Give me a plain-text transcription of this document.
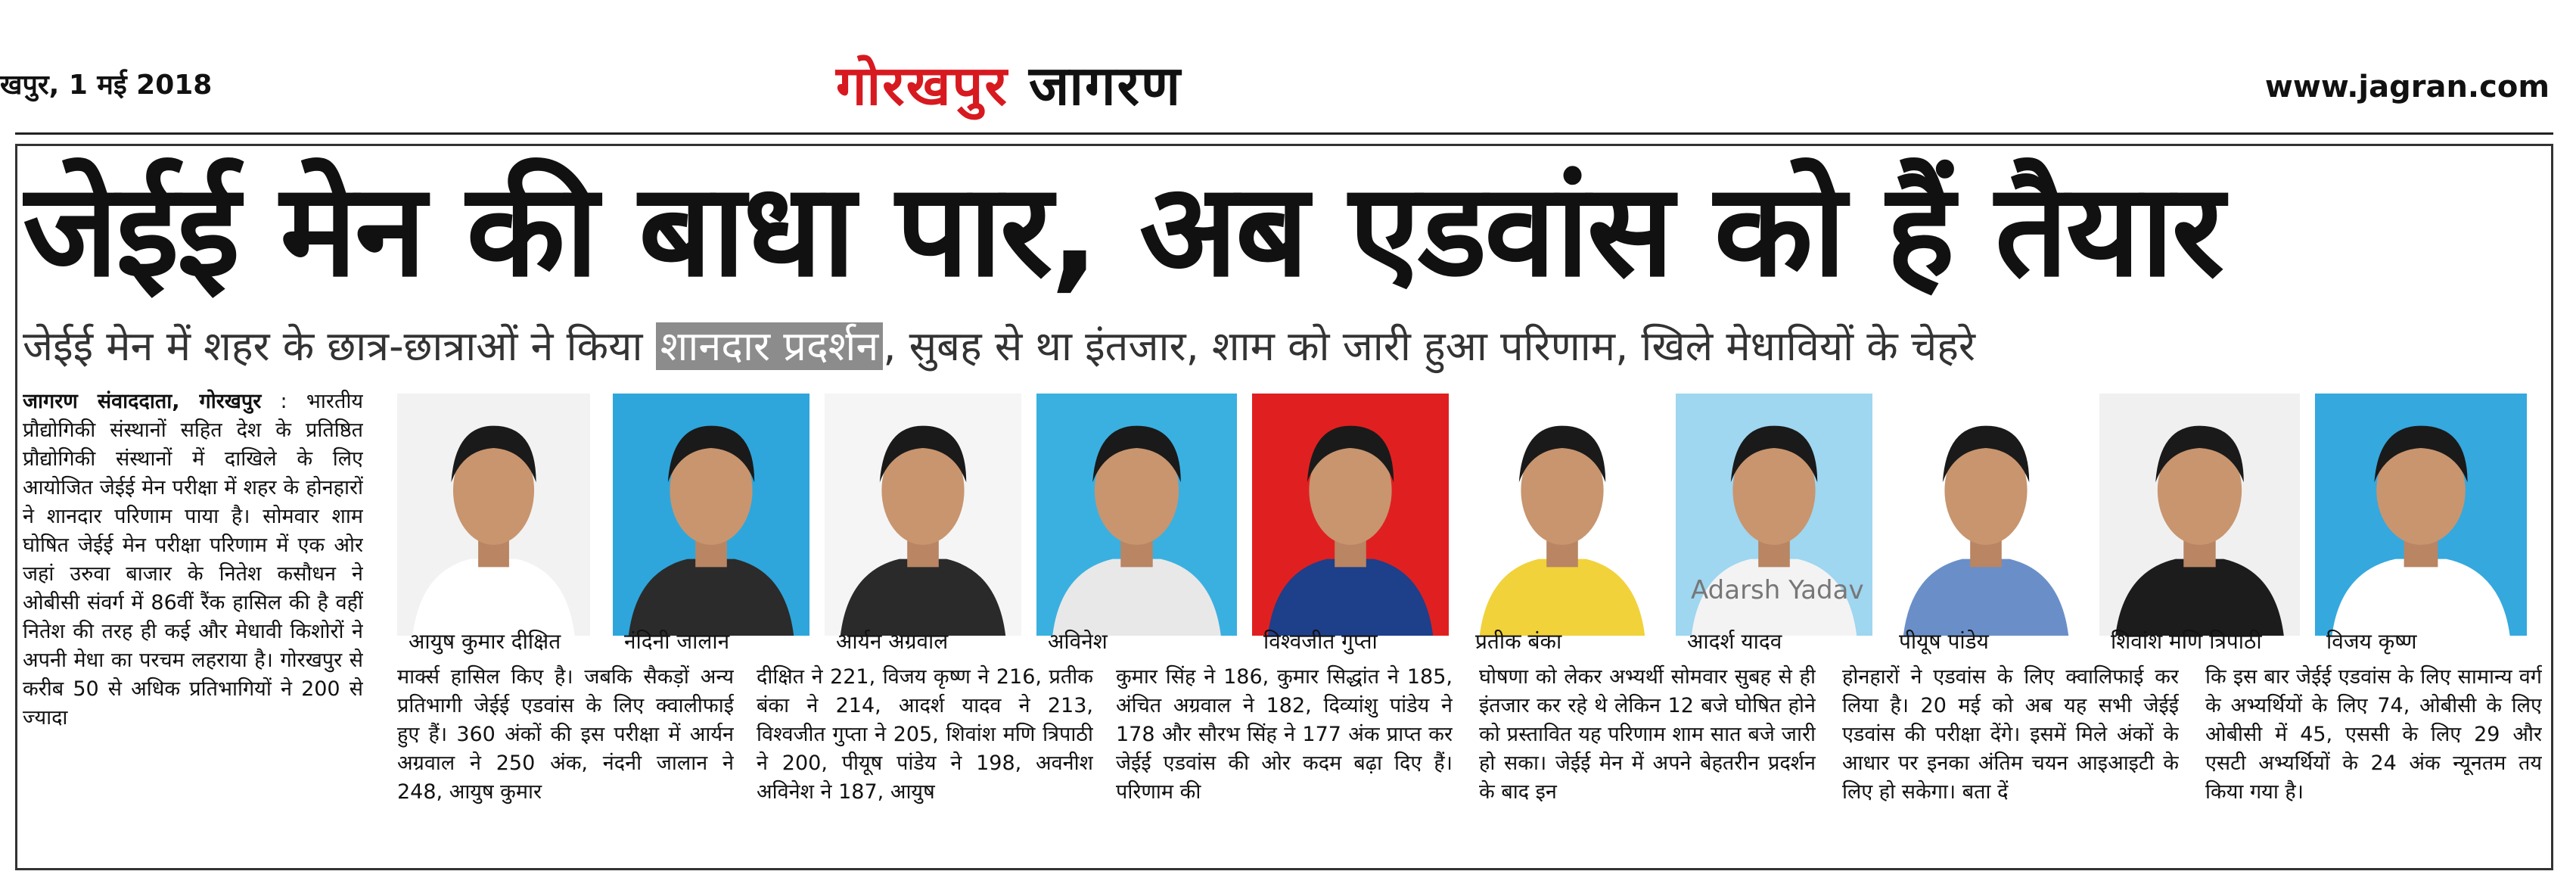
खपुर, 1 मई 2018	गोरखपुर जागरण	www.jagran.com
जेईई मेन की बाधा पार, अब एडवांस को हैं तैयार
जेईई मेन में शहर के छात्र-छात्राओं ने किया शानदार प्रदर्शन , सुबह से था इंतजार, शाम को जारी हुआ परिणाम, खिले मेधावियों के चेहरे
जागरण संवाददाता, गोरखपुर : भारतीय प्रौद्योगिकी संस्थानों सहित देश के प्रतिष्ठित प्रौद्योगिकी संस्थानों में दाखिले के लिए आयोजित जेईई मेन परीक्षा में शहर के होनहारों ने शानदार परिणाम पाया है। सोमवार शाम घोषित जेईई मेन परीक्षा परिणाम में एक ओर जहां उरुवा बाजार के नितेश कसौधन ने ओबीसी संवर्ग में 86वीं रैंक हासिल की है वहीं नितेश की तरह ही कई और मेधावी किशोरों ने अपनी मेधा का परचम लहराया है। गोरखपुर से करीब 50 से अधिक प्रतिभागियों ने 200 से ज्यादा
आयुष कुमार दीक्षित	नंदिनी जालान	आर्यन अग्रवाल	अविनेश	विश्वजीत गुप्ता	प्रतीक बंका	आदर्श यादव	पीयूष पांडेय	शिवांश मणि त्रिपाठी	विजय कृष्ण
Adarsh Yadav
मार्क्स हासिल किए है। जबकि सैकड़ों अन्य प्रतिभागी जेईई एडवांस के लिए क्वालीफाई हुए हैं। 360 अंकों की इस परीक्षा में आर्यन अग्रवाल ने 250 अंक, नंदनी जालान ने 248, आयुष कुमार
दीक्षित ने 221, विजय कृष्ण ने 216, प्रतीक बंका ने 214, आदर्श यादव ने 213, विश्वजीत गुप्ता ने 205, शिवांश मणि त्रिपाठी ने 200, पीयूष पांडेय ने 198, अवनीश अविनेश ने 187, आयुष
कुमार सिंह ने 186, कुमार सिद्धांत ने 185, अंचित अग्रवाल ने 182, दिव्यांशु पांडेय ने 178 और सौरभ सिंह ने 177 अंक प्राप्त कर जेईई एडवांस की ओर कदम बढ़ा दिए हैं। परिणाम की
घोषणा को लेकर अभ्यर्थी सोमवार सुबह से ही इंतजार कर रहे थे लेकिन 12 बजे घोषित होने को प्रस्तावित यह परिणाम शाम सात बजे जारी हो सका। जेईई मेन में अपने बेहतरीन प्रदर्शन के बाद इन
होनहारों ने एडवांस के लिए क्वालिफाई कर लिया है। 20 मई को अब यह सभी जेईई एडवांस की परीक्षा देंगे। इसमें मिले अंकों के आधार पर इनका अंतिम चयन आइआइटी के लिए हो सकेगा। बता दें
कि इस बार जेईई एडवांस के लिए सामान्य वर्ग के अभ्यर्थियों के लिए 74, ओबीसी के लिए ओबीसी में 45, एससी के लिए 29 और एसटी अभ्यर्थियों के 24 अंक न्यूनतम तय किया गया है।
